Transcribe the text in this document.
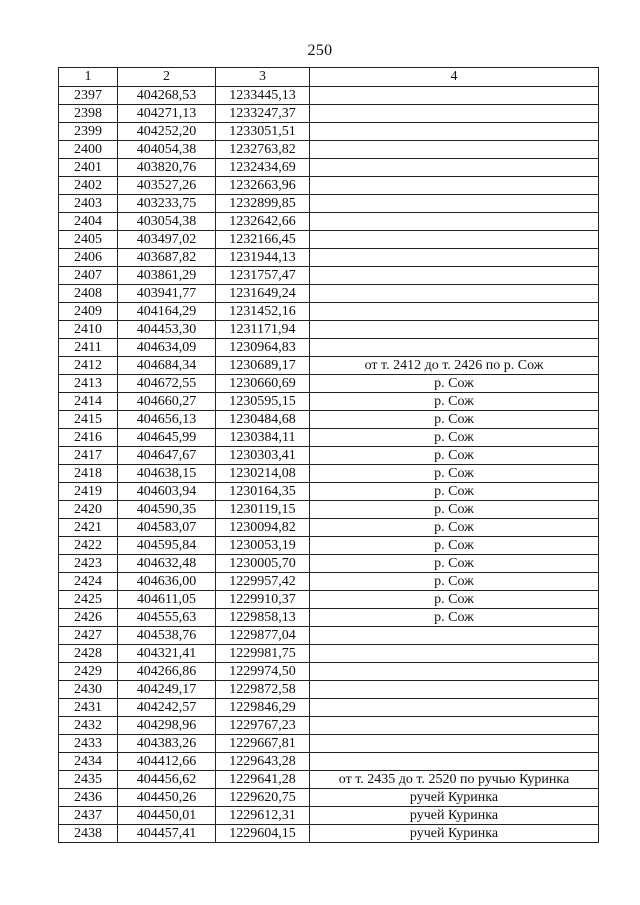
250
1	2	3	4
2397	404268,53	1233445,13	
2398	404271,13	1233247,37	
2399	404252,20	1233051,51	
2400	404054,38	1232763,82	
2401	403820,76	1232434,69	
2402	403527,26	1232663,96	
2403	403233,75	1232899,85	
2404	403054,38	1232642,66	
2405	403497,02	1232166,45	
2406	403687,82	1231944,13	
2407	403861,29	1231757,47	
2408	403941,77	1231649,24	
2409	404164,29	1231452,16	
2410	404453,30	1231171,94	
2411	404634,09	1230964,83	
2412	404684,34	1230689,17	от т. 2412 до т. 2426 по р. Сож
2413	404672,55	1230660,69	р. Сож
2414	404660,27	1230595,15	р. Сож
2415	404656,13	1230484,68	р. Сож
2416	404645,99	1230384,11	р. Сож
2417	404647,67	1230303,41	р. Сож
2418	404638,15	1230214,08	р. Сож
2419	404603,94	1230164,35	р. Сож
2420	404590,35	1230119,15	р. Сож
2421	404583,07	1230094,82	р. Сож
2422	404595,84	1230053,19	р. Сож
2423	404632,48	1230005,70	р. Сож
2424	404636,00	1229957,42	р. Сож
2425	404611,05	1229910,37	р. Сож
2426	404555,63	1229858,13	р. Сож
2427	404538,76	1229877,04	
2428	404321,41	1229981,75	
2429	404266,86	1229974,50	
2430	404249,17	1229872,58	
2431	404242,57	1229846,29	
2432	404298,96	1229767,23	
2433	404383,26	1229667,81	
2434	404412,66	1229643,28	
2435	404456,62	1229641,28	от т. 2435 до т. 2520 по ручью Куринка
2436	404450,26	1229620,75	ручей Куринка
2437	404450,01	1229612,31	ручей Куринка
2438	404457,41	1229604,15	ручей Куринка
